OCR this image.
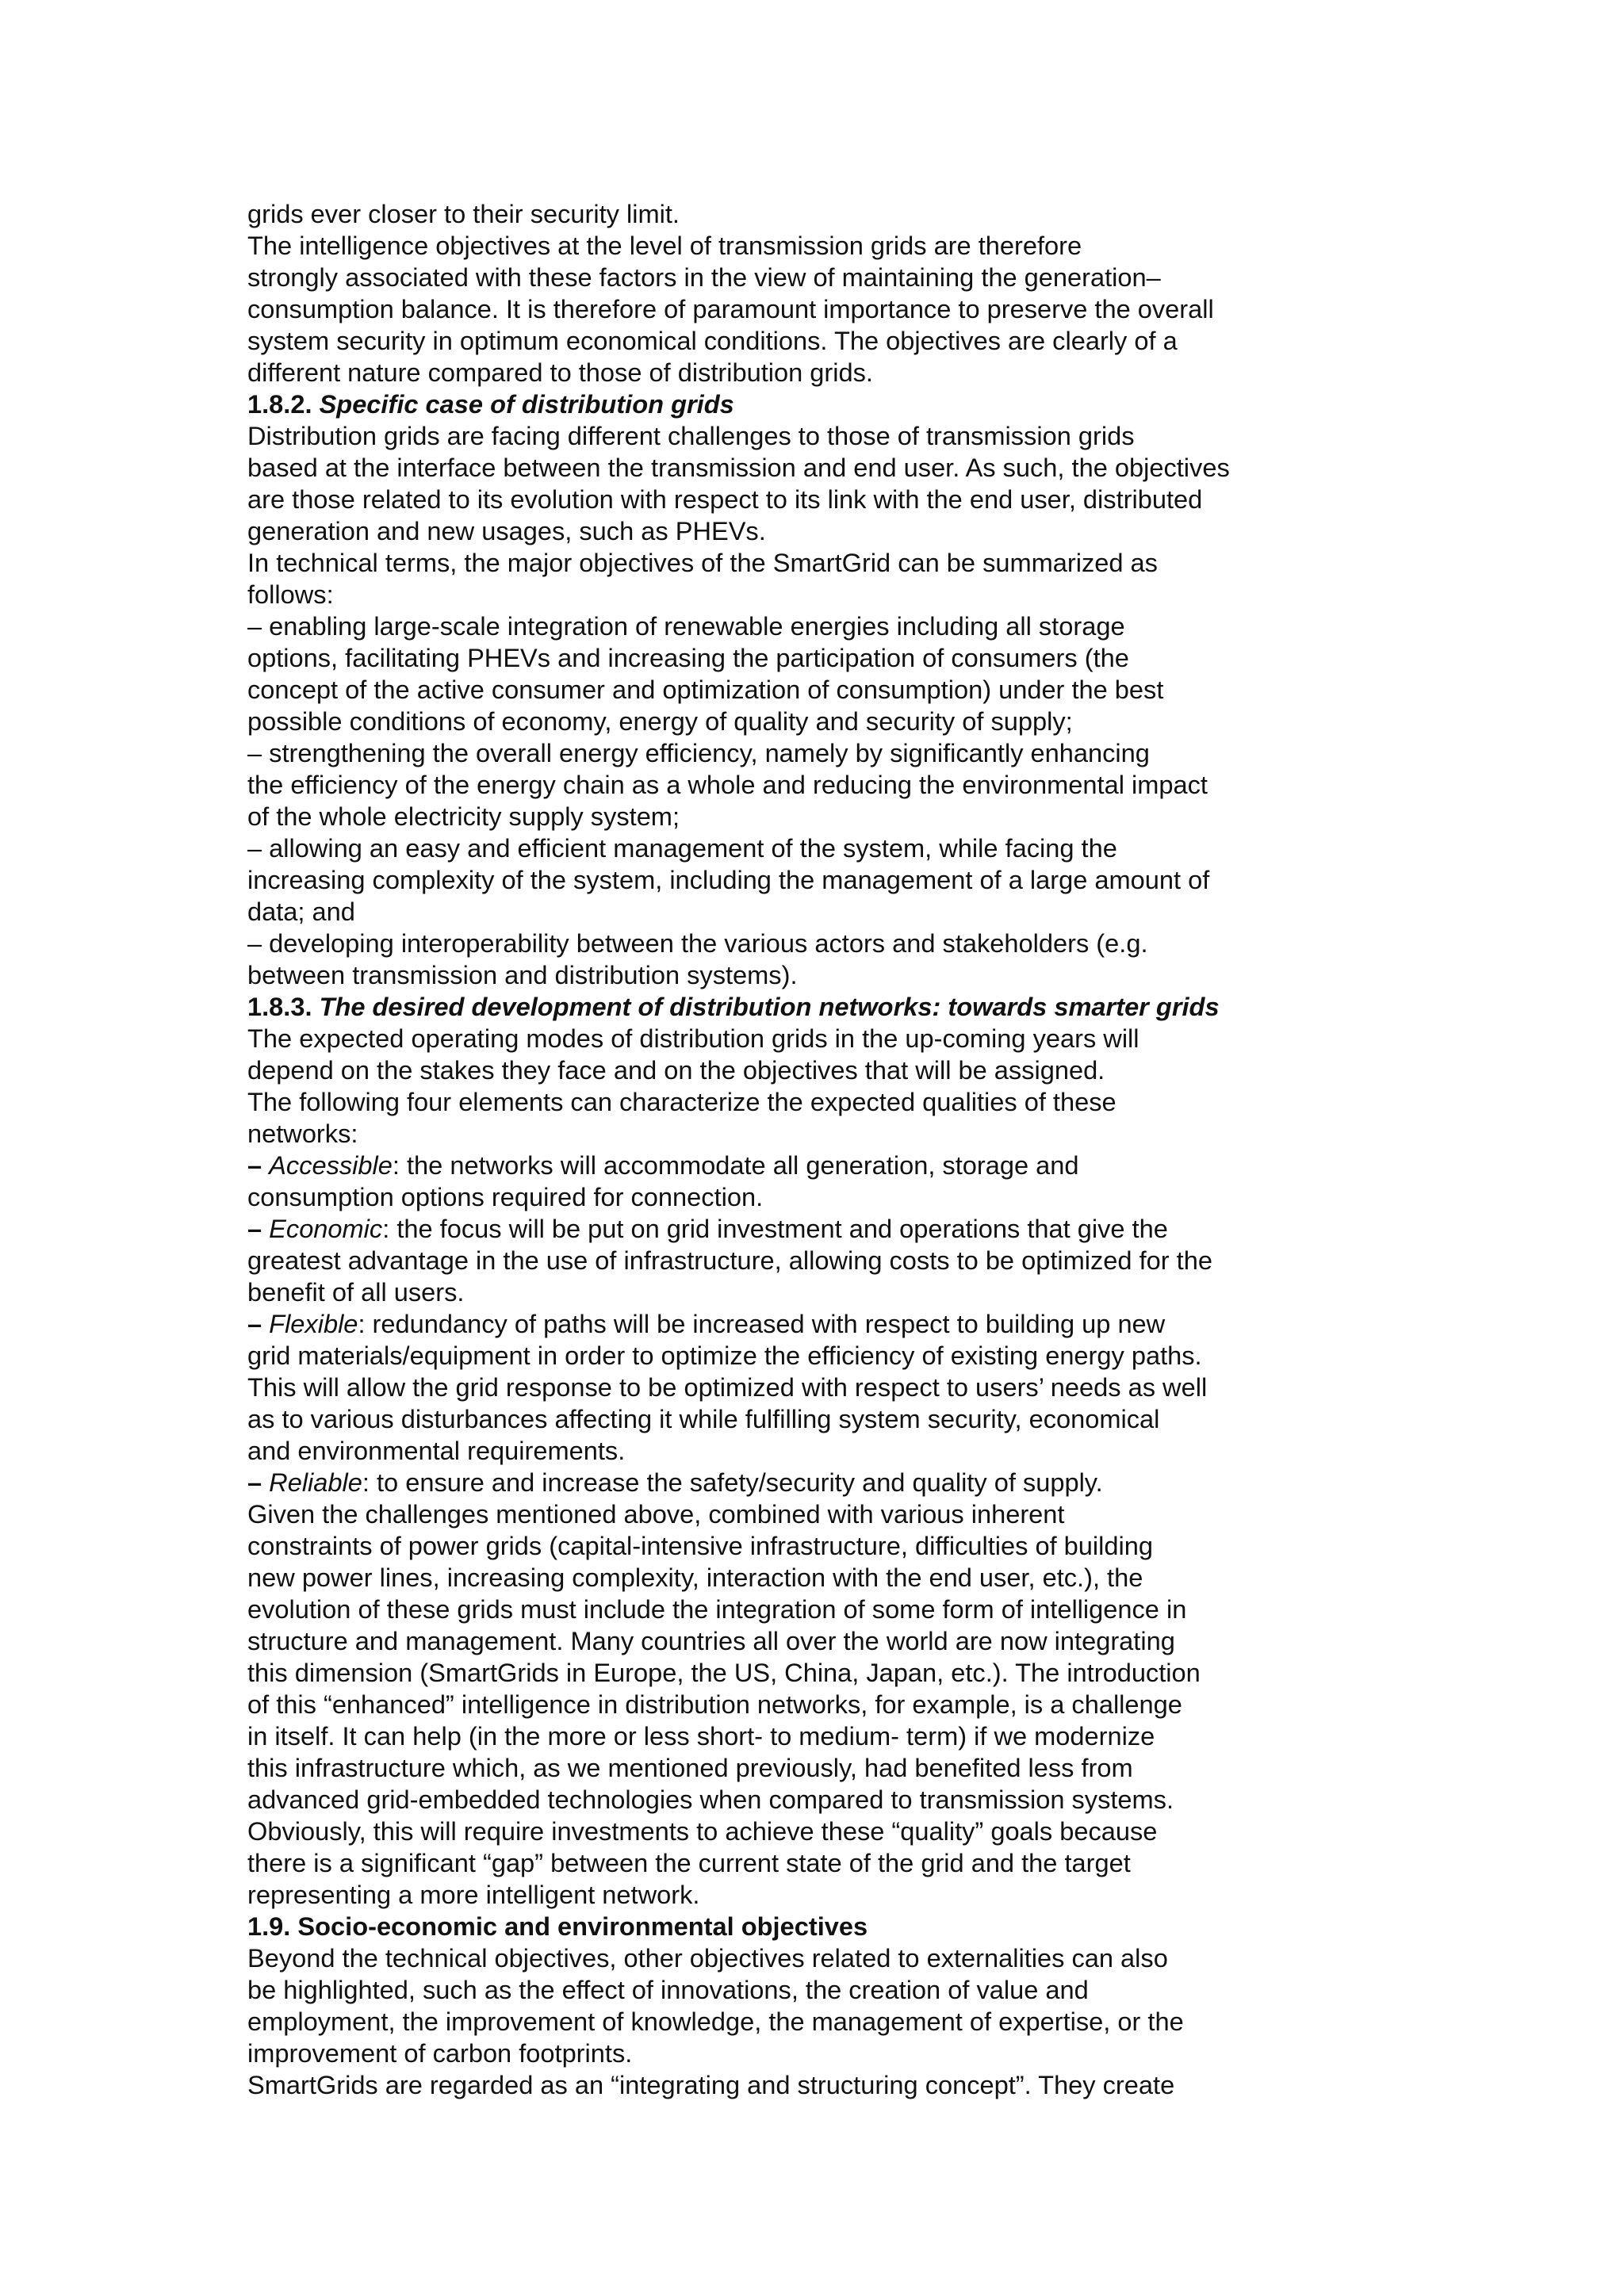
grids ever closer to their security limit.
The intelligence objectives at the level of transmission grids are therefore
strongly associated with these factors in the view of maintaining the generation–
consumption balance. It is therefore of paramount importance to preserve the overall
system security in optimum economical conditions. The objectives are clearly of a
different nature compared to those of distribution grids.
1.8.2. Specific case of distribution grids
Distribution grids are facing different challenges to those of transmission grids
based at the interface between the transmission and end user. As such, the objectives
are those related to its evolution with respect to its link with the end user, distributed
generation and new usages, such as PHEVs.
In technical terms, the major objectives of the SmartGrid can be summarized as
follows:
– enabling large-scale integration of renewable energies including all storage
options, facilitating PHEVs and increasing the participation of consumers (the
concept of the active consumer and optimization of consumption) under the best
possible conditions of economy, energy of quality and security of supply;
– strengthening the overall energy efficiency, namely by significantly enhancing
the efficiency of the energy chain as a whole and reducing the environmental impact
of the whole electricity supply system;
– allowing an easy and efficient management of the system, while facing the
increasing complexity of the system, including the management of a large amount of
data; and
– developing interoperability between the various actors and stakeholders (e.g.
between transmission and distribution systems).
1.8.3. The desired development of distribution networks: towards smarter grids
The expected operating modes of distribution grids in the up-coming years will
depend on the stakes they face and on the objectives that will be assigned.
The following four elements can characterize the expected qualities of these
networks:
– Accessible: the networks will accommodate all generation, storage and
consumption options required for connection.
– Economic: the focus will be put on grid investment and operations that give the
greatest advantage in the use of infrastructure, allowing costs to be optimized for the
benefit of all users.
– Flexible: redundancy of paths will be increased with respect to building up new
grid materials/equipment in order to optimize the efficiency of existing energy paths.
This will allow the grid response to be optimized with respect to users’ needs as well
as to various disturbances affecting it while fulfilling system security, economical
and environmental requirements.
– Reliable: to ensure and increase the safety/security and quality of supply.
Given the challenges mentioned above, combined with various inherent
constraints of power grids (capital-intensive infrastructure, difficulties of building
new power lines, increasing complexity, interaction with the end user, etc.), the
evolution of these grids must include the integration of some form of intelligence in
structure and management. Many countries all over the world are now integrating
this dimension (SmartGrids in Europe, the US, China, Japan, etc.). The introduction
of this “enhanced” intelligence in distribution networks, for example, is a challenge
in itself. It can help (in the more or less short- to medium- term) if we modernize
this infrastructure which, as we mentioned previously, had benefited less from
advanced grid-embedded technologies when compared to transmission systems.
Obviously, this will require investments to achieve these “quality” goals because
there is a significant “gap” between the current state of the grid and the target
representing a more intelligent network.
1.9. Socio-economic and environmental objectives
Beyond the technical objectives, other objectives related to externalities can also
be highlighted, such as the effect of innovations, the creation of value and
employment, the improvement of knowledge, the management of expertise, or the
improvement of carbon footprints.
SmartGrids are regarded as an “integrating and structuring concept”. They create
